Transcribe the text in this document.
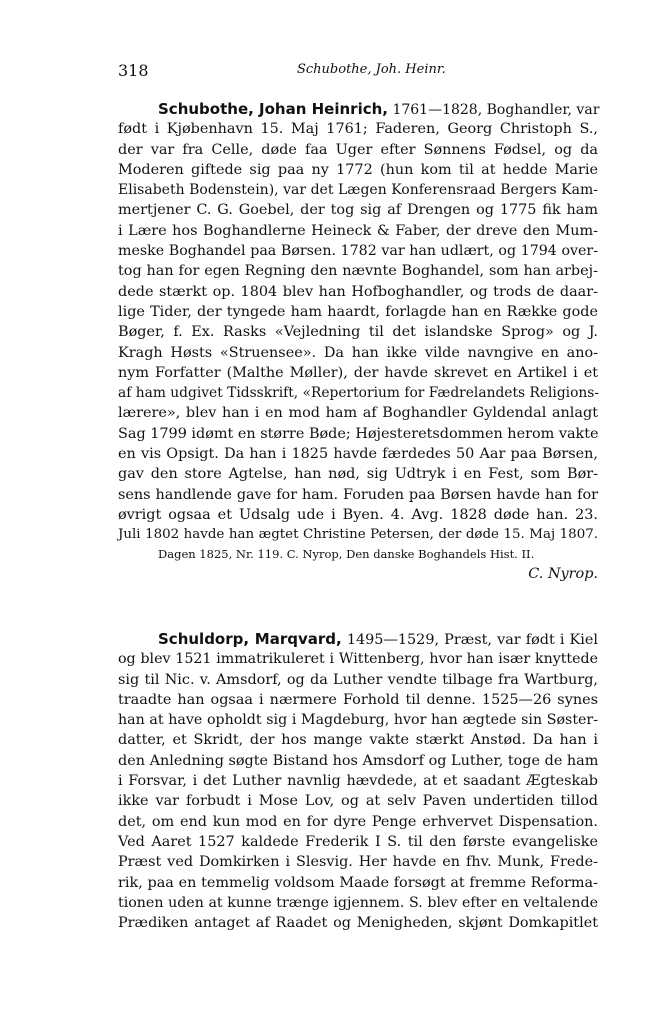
318	Schubothe, Joh. Heinr.
Schubothe, Johan Heinrich, 1761—1828, Boghandler, var
født i Kjøbenhavn 15. Maj 1761; Faderen, Georg Christoph S.,
der var fra Celle, døde faa Uger efter Sønnens Fødsel, og da
Moderen giftede sig paa ny 1772 (hun kom til at hedde Marie
Elisabeth Bodenstein), var det Lægen Konferensraad Bergers Kam-
mertjener C. G. Goebel, der tog sig af Drengen og 1775 fik ham
i Lære hos Boghandlerne Heineck & Faber, der dreve den Mum-
meske Boghandel paa Børsen. 1782 var han udlært, og 1794 over-
tog han for egen Regning den nævnte Boghandel, som han arbej-
dede stærkt op. 1804 blev han Hofboghandler, og trods de daar-
lige Tider, der tyngede ham haardt, forlagde han en Række gode
Bøger, f. Ex. Rasks «Vejledning til det islandske Sprog» og J.
Kragh Høsts «Struensee». Da han ikke vilde navngive en ano-
nym Forfatter (Malthe Møller), der havde skrevet en Artikel i et
af ham udgivet Tidsskrift, «Repertorium for Fædrelandets Religions-
lærere», blev han i en mod ham af Boghandler Gyldendal anlagt
Sag 1799 idømt en større Bøde; Højesteretsdommen herom vakte
en vis Opsigt. Da han i 1825 havde færdedes 50 Aar paa Børsen,
gav den store Agtelse, han nød, sig Udtryk i en Fest, som Bør-
sens handlende gave for ham. Foruden paa Børsen havde han for
øvrigt ogsaa et Udsalg ude i Byen. 4. Avg. 1828 døde han. 23.
Juli 1802 havde han ægtet Christine Petersen, der døde 15. Maj 1807.
Dagen 1825, Nr. 119. C. Nyrop, Den danske Boghandels Hist. II.
C. Nyrop.
Schuldorp, Marqvard, 1495—1529, Præst, var født i Kiel
og blev 1521 immatrikuleret i Wittenberg, hvor han især knyttede
sig til Nic. v. Amsdorf, og da Luther vendte tilbage fra Wartburg,
traadte han ogsaa i nærmere Forhold til denne. 1525—26 synes
han at have opholdt sig i Magdeburg, hvor han ægtede sin Søster-
datter, et Skridt, der hos mange vakte stærkt Anstød. Da han i
den Anledning søgte Bistand hos Amsdorf og Luther, toge de ham
i Forsvar, i det Luther navnlig hævdede, at et saadant Ægteskab
ikke var forbudt i Mose Lov, og at selv Paven undertiden tillod
det, om end kun mod en for dyre Penge erhvervet Dispensation.
Ved Aaret 1527 kaldede Frederik I S. til den første evangeliske
Præst ved Domkirken i Slesvig. Her havde en fhv. Munk, Frede-
rik, paa en temmelig voldsom Maade forsøgt at fremme Reforma-
tionen uden at kunne trænge igjennem. S. blev efter en veltalende
Prædiken antaget af Raadet og Menigheden, skjønt Domkapitlet
